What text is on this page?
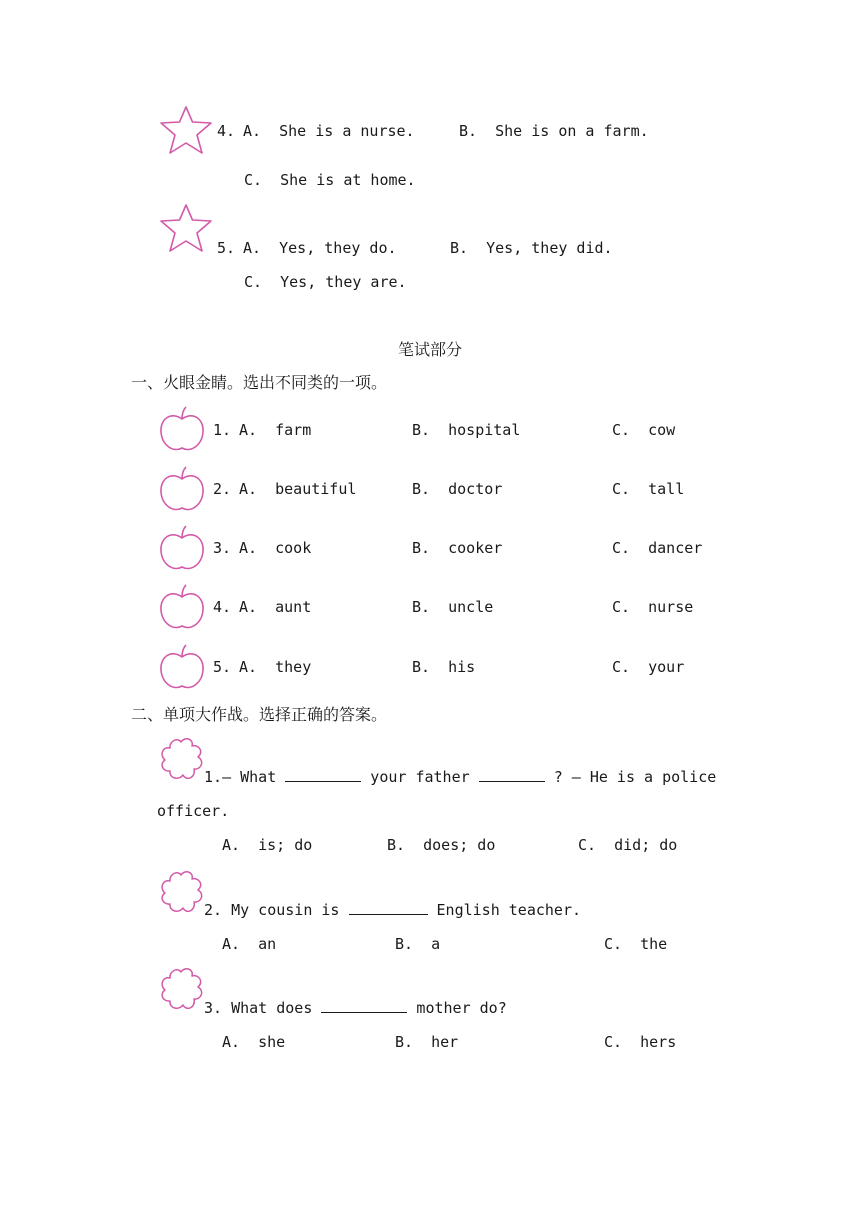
4. A.  She is a nurse.	B.  She is on a farm.
C.  She is at home.
5. A.  Yes, they do.	B.  Yes, they did.
C.  Yes, they are.
笔试部分
一、火眼金睛。选出不同类的一项。
1. A.  farm	B.  hospital	C.  cow
2. A.  beautiful	B.  doctor	C.  tall
3. A.  cook	B.  cooker	C.  dancer
4. A.  aunt	B.  uncle	C.  nurse
5. A.  they	B.  his	C.  your
二、单项大作战。选择正确的答案。
1.— What	your father	? — He is a police
officer.
A.  is; do	B.  does; do	C.  did; do
2. My cousin is	English teacher.
A.  an	B.  a	C.  the
3. What does	mother do?
A.  she	B.  her	C.  hers
